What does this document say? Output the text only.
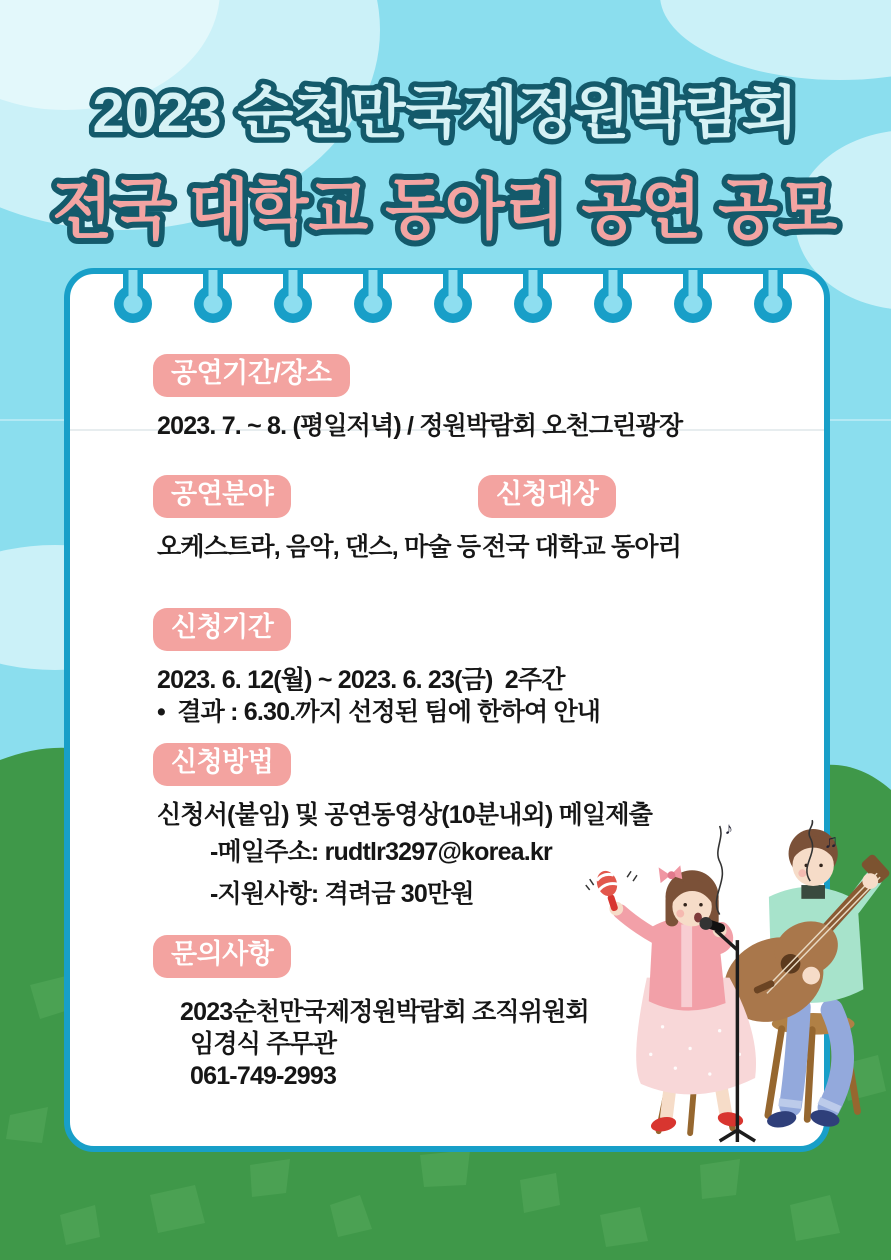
2023 순천만국제정원박람회
전국 대학교 동아리 공연 공모
공연기간/장소
2023. 7. ~ 8. (평일저녁) / 정원박람회 오천그린광장
공연분야
오케스트라, 음악, 댄스, 마술 등
신청대상
전국 대학교 동아리
신청기간
2023. 6. 12(월) ~ 2023. 6. 23(금)  2주간
•  결과 : 6.30.까지 선정된 팀에 한하여 안내
신청방법
신청서(붙임) 및 공연동영상(10분내외) 메일제출
-메일주소: rudtlr3297@korea.kr
-지원사항: 격려금 30만원
문의사항
2023순천만국제정원박람회 조직위원회
임경식 주무관
061-749-2993
♪
♫
